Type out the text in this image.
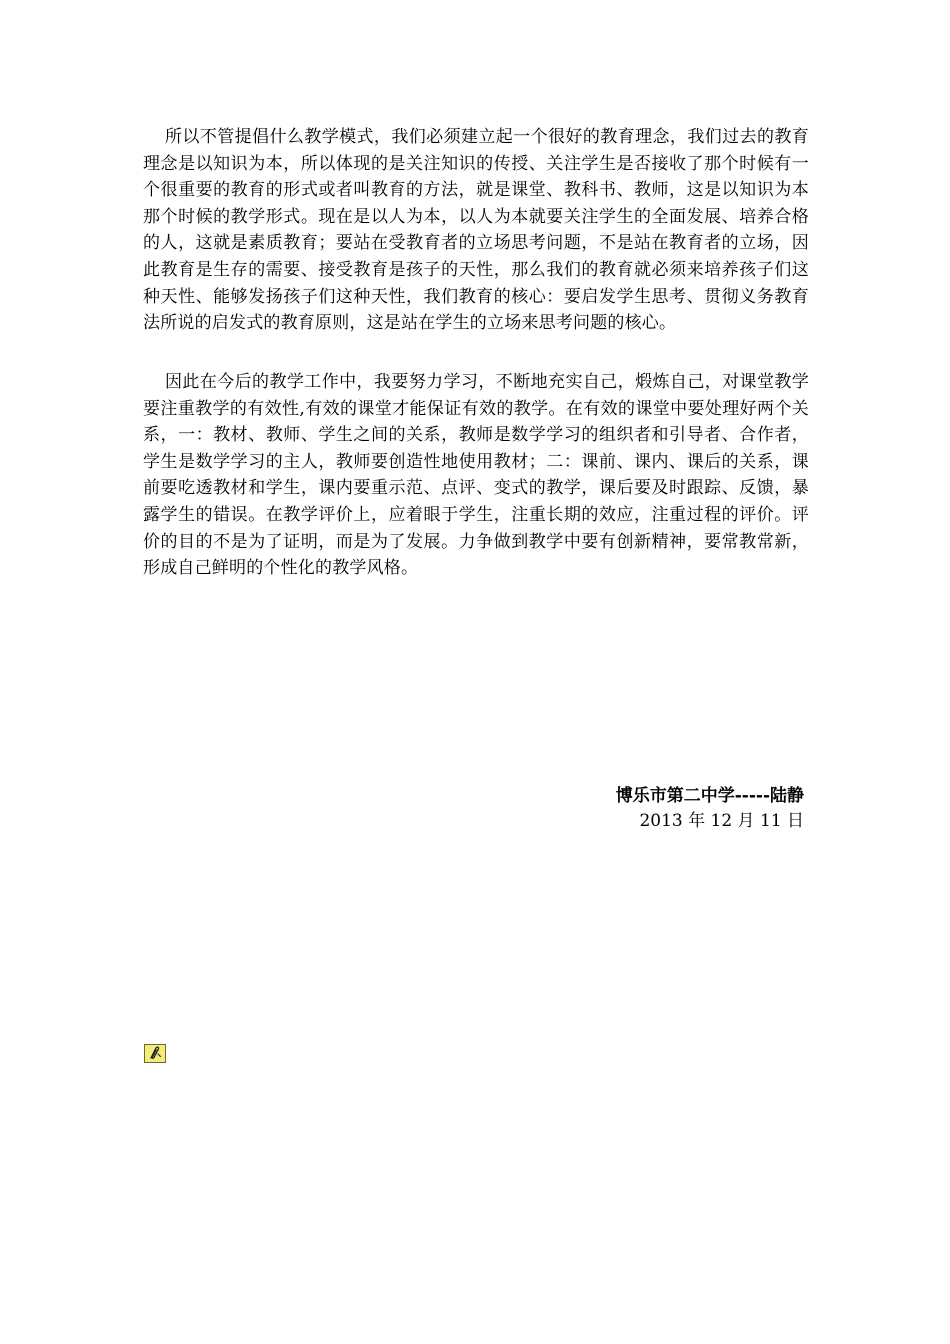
所以不管提倡什么教学模式，我们必须建立起一个很好的教育理念，我们过去的教育理念是以知识为本，所以体现的是关注知识的传授、关注学生是否接收了那个时候有一个很重要的教育的形式或者叫教育的方法，就是课堂、教科书、教师，这是以知识为本那个时候的教学形式。现在是以人为本，以人为本就要关注学生的全面发展、培养合格的人，这就是素质教育；要站在受教育者的立场思考问题，不是站在教育者的立场，因此教育是生存的需要、接受教育是孩子的天性，那么我们的教育就必须来培养孩子们这种天性、能够发扬孩子们这种天性，我们教育的核心：要启发学生思考、贯彻义务教育法所说的启发式的教育原则，这是站在学生的立场来思考问题的核心。

因此在今后的教学工作中，我要努力学习，不断地充实自己，煅炼自己，对课堂教学要注重教学的有效性,有效的课堂才能保证有效的教学。在有效的课堂中要处理好两个关系，一：教材、教师、学生之间的关系，教师是数学学习的组织者和引导者、合作者，学生是数学学习的主人，教师要创造性地使用教材；二：课前、课内、课后的关系，课前要吃透教材和学生，课内要重示范、点评、变式的教学，课后要及时跟踪、反馈，暴露学生的错误。在教学评价上，应着眼于学生，注重长期的效应，注重过程的评价。评价的目的不是为了证明，而是为了发展。力争做到教学中要有创新精神，要常教常新，形成自己鲜明的个性化的教学风格。

博乐市第二中学-----陆静
2013 年 12 月 11 日
